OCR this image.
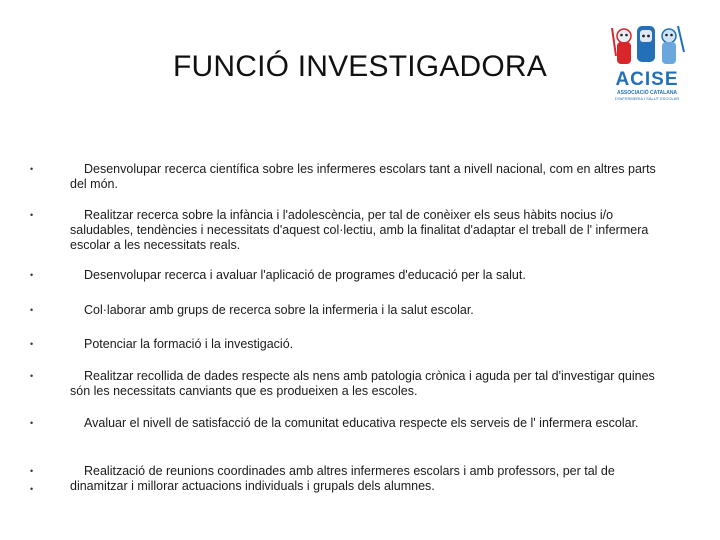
FUNCIÓ INVESTIGADORA	ACISE
ASSOCIACIÓ CATALANA
D'INFERMERIA I SALUT ESCOLAR
•	Desenvolupar recerca científica sobre les infermeres escolars tant a nivell nacional, com en altres parts del món.
•	Realitzar recerca sobre la infància i l'adolescència, per tal de conèixer els seus hàbits nocius i/o saludables, tendències i necessitats d'aquest col·lectiu, amb la finalitat d'adaptar el treball de l' infermera escolar a les necessitats reals.
•	Desenvolupar recerca i avaluar l'aplicació de programes d'educació per la salut.
•	Col·laborar amb grups de recerca sobre la infermeria i la salut escolar.
•	Potenciar la formació i la investigació.
•	Realitzar recollida de dades respecte als nens amb patologia crònica i aguda per tal d'investigar quines són les necessitats canviants que es produeixen a les escoles.
•	Avaluar el nivell de satisfacció de la comunitat educativa respecte els serveis de l' infermera escolar.
•
•
Realització de reunions coordinades amb altres infermeres escolars i amb professors, per tal de dinamitzar i millorar actuacions individuals i grupals dels alumnes.
